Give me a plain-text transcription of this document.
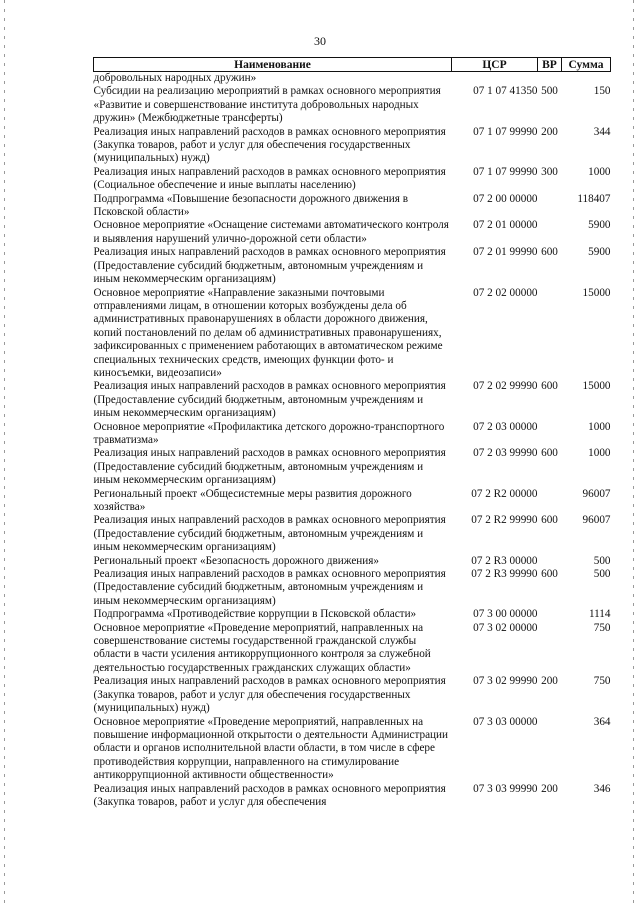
30
Наименование	ЦСР	ВР	Сумма
добровольных народных дружин»			
Субсидии на реализацию мероприятий в рамках основного мероприятия «Развитие и совершенствование института добровольных народных дружин» (Межбюджетные трансферты)	07 1 07 41350	500	150
Реализация иных направлений расходов в рамках основного мероприятия (Закупка товаров, работ и услуг для обеспечения государственных (муниципальных) нужд)	07 1 07 99990	200	344
Реализация иных направлений расходов в рамках основного мероприятия (Социальное обеспечение и иные выплаты населению)	07 1 07 99990	300	1000
Подпрограмма «Повышение безопасности дорожного движения в Псковской области»	07 2 00 00000		118407
Основное мероприятие «Оснащение системами автоматического контроля и выявления нарушений улично-дорожной сети области»	07 2 01 00000		5900
Реализация иных направлений расходов в рамках основного мероприятия (Предоставление субсидий бюджетным, автономным учреждениям и иным некоммерческим организациям)	07 2 01 99990	600	5900
Основное мероприятие «Направление заказными почтовыми отправлениями лицам, в отношении которых возбуждены дела об административных правонарушениях в области дорожного движения, копий постановлений по делам об административных правонарушениях, зафиксированных с применением работающих в автоматическом режиме специальных технических средств, имеющих функции фото- и киносъемки, видеозаписи»	07 2 02 00000		15000
Реализация иных направлений расходов в рамках основного мероприятия (Предоставление субсидий бюджетным, автономным учреждениям и иным некоммерческим организациям)	07 2 02 99990	600	15000
Основное мероприятие «Профилактика детского дорожно-транспортного травматизма»	07 2 03 00000		1000
Реализация иных направлений расходов в рамках основного мероприятия (Предоставление субсидий бюджетным, автономным учреждениям и иным некоммерческим организациям)	07 2 03 99990	600	1000
Региональный проект «Общесистемные меры развития дорожного хозяйства»	07 2 R2 00000		96007
Реализация иных направлений расходов в рамках основного мероприятия (Предоставление субсидий бюджетным, автономным учреждениям и иным некоммерческим организациям)	07 2 R2 99990	600	96007
Региональный проект «Безопасность дорожного движения»	07 2 R3 00000		500
Реализация иных направлений расходов в рамках основного мероприятия (Предоставление субсидий бюджетным, автономным учреждениям и иным некоммерческим организациям)	07 2 R3 99990	600	500
Подпрограмма «Противодействие коррупции в Псковской области»	07 3 00 00000		1114
Основное мероприятие «Проведение мероприятий, направленных на совершенствование системы государственной гражданской службы области в части усиления антикоррупционного контроля за служебной деятельностью государственных гражданских служащих области»	07 3 02 00000		750
Реализация иных направлений расходов в рамках основного мероприятия (Закупка товаров, работ и услуг для обеспечения государственных (муниципальных) нужд)	07 3 02 99990	200	750
Основное мероприятие «Проведение мероприятий, направленных на повышение информационной открытости о деятельности Администрации области и органов исполнительной власти области, в том числе в сфере противодействия коррупции, направленного на стимулирование антикоррупционной активности общественности»	07 3 03 00000		364
Реализация иных направлений расходов в рамках основного мероприятия (Закупка товаров, работ и услуг для обеспечения	07 3 03 99990	200	346
